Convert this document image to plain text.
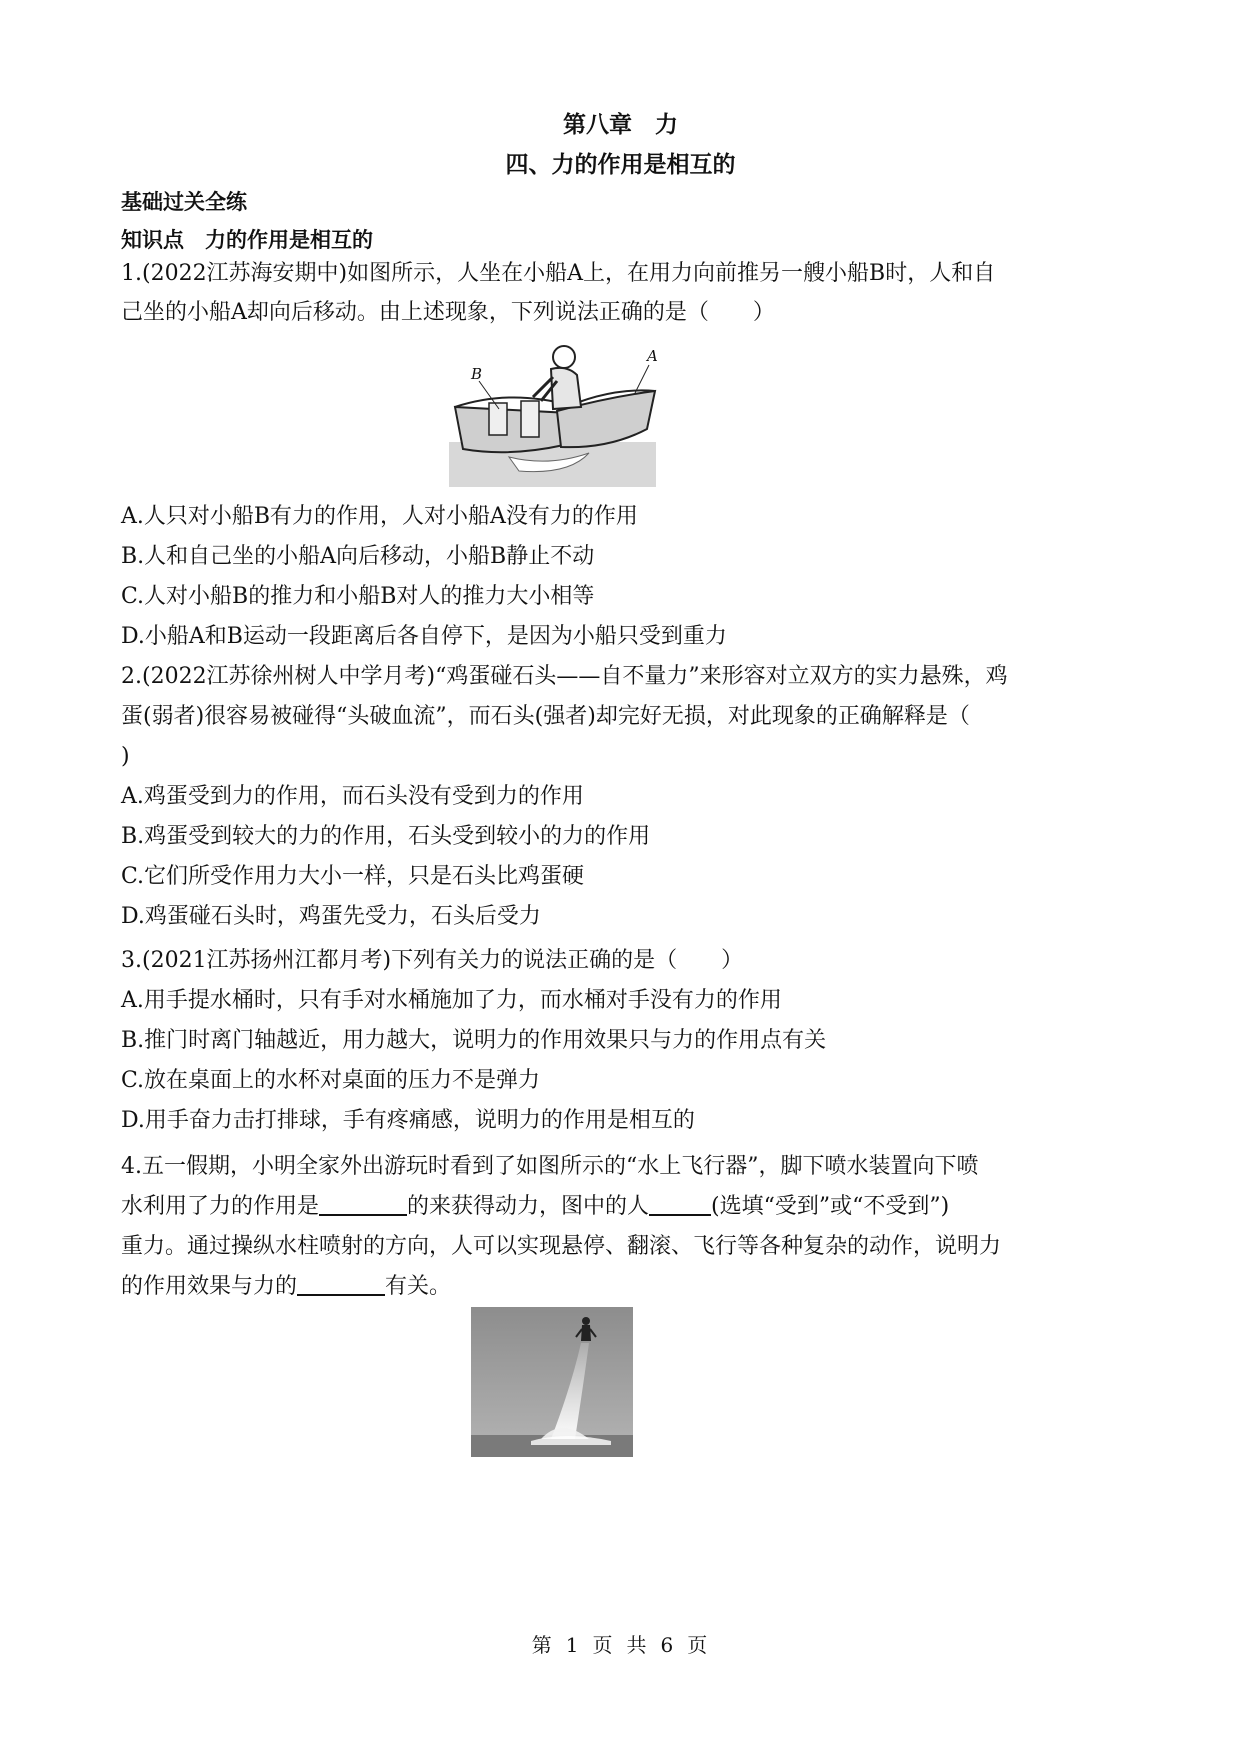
第八章　力
四、力的作用是相互的
基础过关全练
知识点　力的作用是相互的
1.(2022江苏海安期中)如图所示，人坐在小船A上，在用力向前推另一艘小船B时，人和自
己坐的小船A却向后移动。由上述现象，下列说法正确的是（　　）
B
A
A.人只对小船B有力的作用，人对小船A没有力的作用
B.人和自己坐的小船A向后移动，小船B静止不动
C.人对小船B的推力和小船B对人的推力大小相等
D.小船A和B运动一段距离后各自停下，是因为小船只受到重力
2.(2022江苏徐州树人中学月考)“鸡蛋碰石头——自不量力”来形容对立双方的实力悬殊，鸡
蛋(弱者)很容易被碰得“头破血流”，而石头(强者)却完好无损，对此现象的正确解释是（
)
A.鸡蛋受到力的作用，而石头没有受到力的作用
B.鸡蛋受到较大的力的作用，石头受到较小的力的作用
C.它们所受作用力大小一样，只是石头比鸡蛋硬
D.鸡蛋碰石头时，鸡蛋先受力，石头后受力
3.(2021江苏扬州江都月考)下列有关力的说法正确的是（　　）
A.用手提水桶时，只有手对水桶施加了力，而水桶对手没有力的作用
B.推门时离门轴越近，用力越大，说明力的作用效果只与力的作用点有关
C.放在桌面上的水杯对桌面的压力不是弹力
D.用手奋力击打排球，手有疼痛感，说明力的作用是相互的
4.五一假期，小明全家外出游玩时看到了如图所示的“水上飞行器”，脚下喷水装置向下喷
水利用了力的作用是	的来获得动力，图中的人	(选填“受到”或“不受到”)
重力。通过操纵水柱喷射的方向，人可以实现悬停、翻滚、飞行等各种复杂的动作，说明力
的作用效果与力的	有关。
第 1 页 共 6 页
